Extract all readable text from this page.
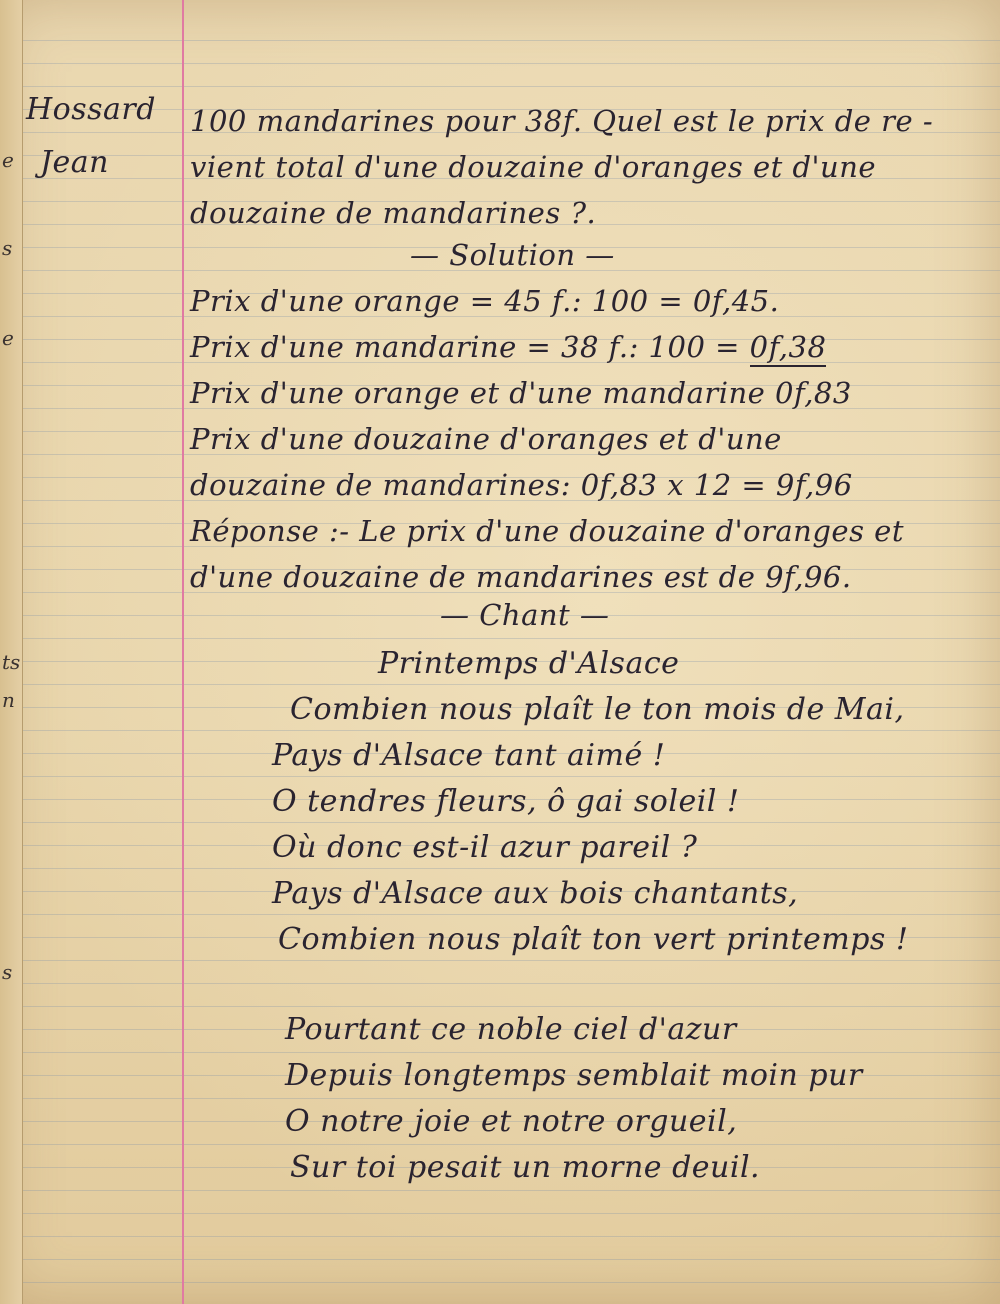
e
s
e
ts
n
s
Hossard
Jean
100 mandarines pour 38f. Quel est le prix de re -
vient total d'une douzaine d'oranges et d'une
douzaine de mandarines ?.
— Solution —
Prix d'une orange = 45 f.: 100 = 0f,45.
Prix d'une mandarine = 38 f.: 100 = 0f,38
Prix d'une orange et d'une mandarine 0f,83
Prix d'une douzaine d'oranges et d'une
douzaine de mandarines: 0f,83 x 12 = 9f,96
Réponse :- Le prix d'une douzaine d'oranges et
d'une douzaine de mandarines est de 9f,96.
— Chant —
Printemps d'Alsace
Combien nous plaît le ton mois de Mai,
Pays d'Alsace tant aimé !
O tendres fleurs, ô gai soleil !
Où donc est-il azur pareil ?
Pays d'Alsace aux bois chantants,
Combien nous plaît ton vert printemps !
Pourtant ce noble ciel d'azur
Depuis longtemps semblait moin pur
O notre joie et notre orgueil,
Sur toi pesait un morne deuil.
